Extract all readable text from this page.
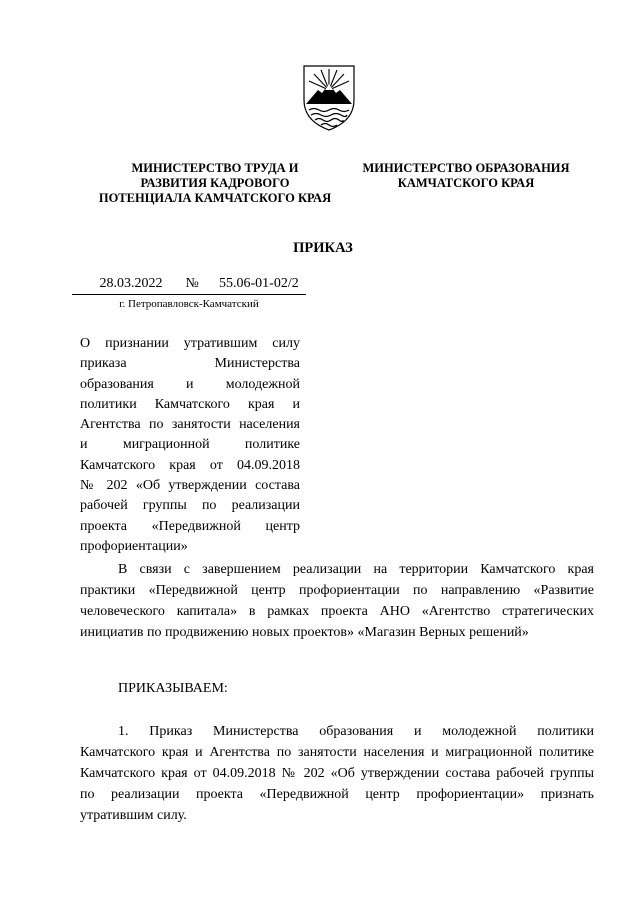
МИНИСТЕРСТВО ТРУДА И
РАЗВИТИЯ КАДРОВОГО
ПОТЕНЦИАЛА КАМЧАТСКОГО КРАЯ
МИНИСТЕРСТВО ОБРАЗОВАНИЯ
КАМЧАТСКОГО КРАЯ
ПРИКАЗ
28.03.2022 № 55.06-01-02/2
г. Петропавловск-Камчатский
О признании утратившим силу
приказа Министерства
образования и молодежной
политики Камчатского края и
Агентства по занятости населения
и миграционной политике
Камчатского края от 04.09.2018
№ 202 «Об утверждении состава
рабочей группы по реализации
проекта «Передвижной центр
профориентации»
В связи с завершением реализации на территории Камчатского края
практики «Передвижной центр профориентации по направлению «Развитие
человеческого капитала» в рамках проекта АНО «Агентство стратегических
инициатив по продвижению новых проектов» «Магазин Верных решений»
ПРИКАЗЫВАЕМ:
1. Приказ Министерства образования и молодежной политики
Камчатского края и Агентства по занятости населения и миграционной политике
Камчатского края от 04.09.2018 № 202 «Об утверждении состава рабочей группы
по реализации проекта «Передвижной центр профориентации» признать
утратившим силу.
